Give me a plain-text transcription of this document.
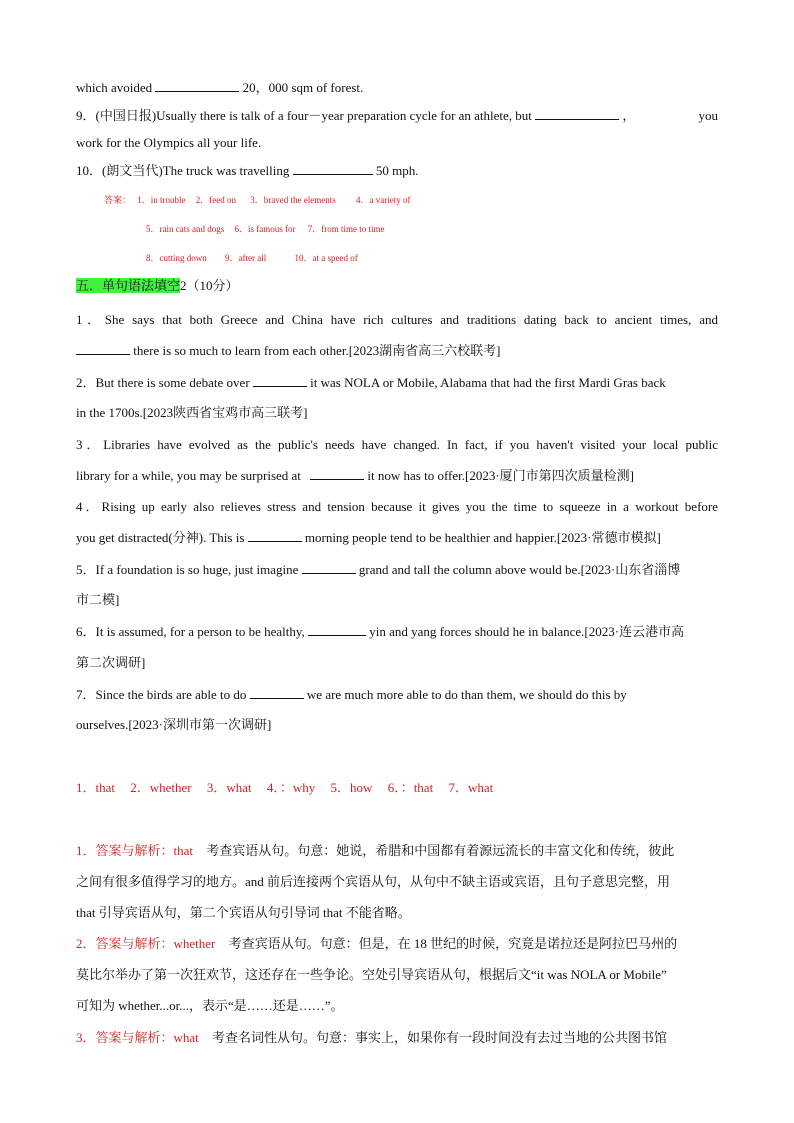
which avoided	20，000 sqm of forest.
9．(中国日报)Usually there is talk of a four－year preparation cycle for an athlete, but	，	you
work for the Olympics all your life.
10．(朗文当代)The truck was travelling	50 mph.
答案： 1．in trouble 2．feed on 3．braved the elements 4．a variety of
5．rain cats and dogs 6．is famous for 7．from time to time
8．cutting down 9．after all	10．at a speed of
五．单句语法填空2（10分）
1．She says that both Greece and China have rich cultures and traditions dating back to ancient times, and
there is so much to learn from each other.[2023湖南省高三六校联考]
2．But there is some debate over	it was NOLA or Mobile, Alabama that had the first Mardi Gras back
in the 1700s.[2023陕西省宝鸡市高三联考]
3．Libraries have evolved as the public's needs have changed. In fact, if you haven't visited your local public
library for a while, you may be surprised at	it now has to offer.[2023·厦门市第四次质量检测]
4．Rising up early also relieves stress and tension because it gives you the time to squeeze in a workout before
you get distracted(分神). This is	morning people tend to be healthier and happier.[2023·常德市模拟]
5．If a foundation is so huge, just imagine	grand and tall the column above would be.[2023·山东省淄博
市二模]
6．It is assumed, for a person to be healthy,	yin and yang forces should he in balance.[2023·连云港市高
第二次调研]
7．Since the birds are able to do	we are much more able to do than them, we should do this by
ourselves.[2023·深圳市第一次调研]
1．that 2．whether 3．what 4．：why 5．how 6．：that 7．what
1．答案与解析：that 考查宾语从句。句意：她说，希腊和中国都有着源远流长的丰富文化和传统，彼此
之间有很多值得学习的地方。and 前后连接两个宾语从句，从句中不缺主语或宾语，且句子意思完整，用
that 引导宾语从句，第二个宾语从句引导词 that 不能省略。
2．答案与解析：whether 考查宾语从句。句意：但是，在 18 世纪的时候，究竟是诺拉还是阿拉巴马州的
莫比尔举办了第一次狂欢节，这还存在一些争论。空处引导宾语从句，根据后文“it was NOLA or Mobile”
可知为 whether...or...，表示“是……还是……”。
3．答案与解析：what 考查名词性从句。句意：事实上，如果你有一段时间没有去过当地的公共图书馆
